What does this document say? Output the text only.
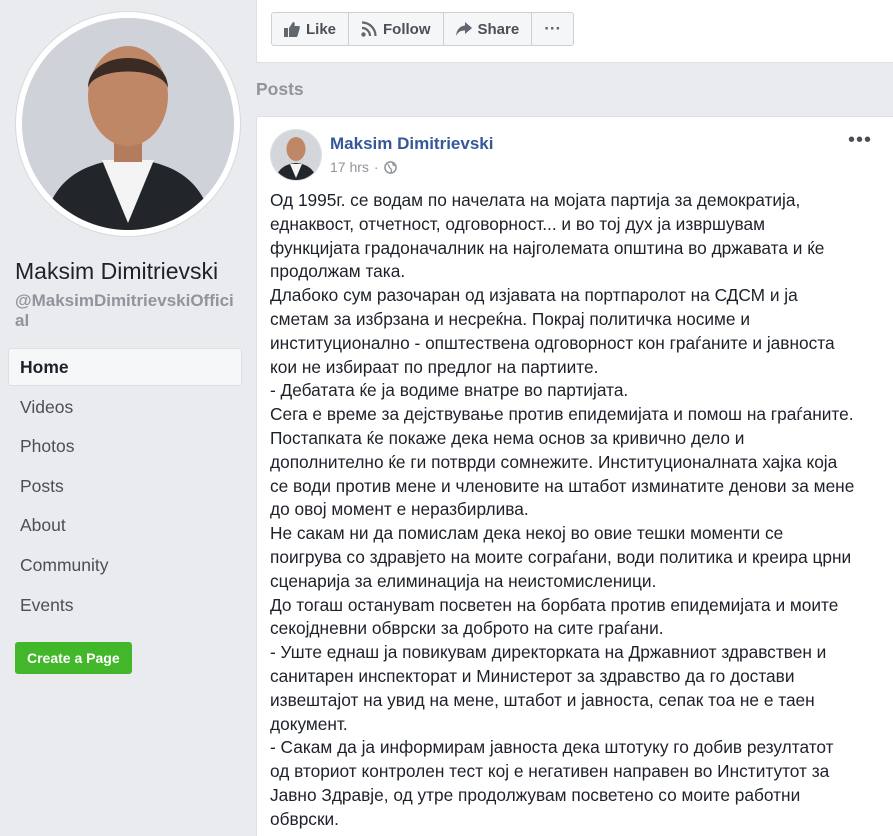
Maksim Dimitrievski
@MaksimDimitrievskiOfficial
Home
Videos
Photos
Posts
About
Community
Events
Create a Page
Like	Follow	Share ···
Posts
Maksim Dimitrievski
17 hrs ·
•••
Од 1995г. се водам по начелата на мојата партија за демократија,
еднаквост, отчетност, одговорност... и во тој дух ја извршувам
функцијата градоначалник на најголемата општина во државата и ќе
продолжам така.
Длабоко сум разочаран од изјавата на портпаролот на СДСМ и ја
сметам за избрзана и несреќна. Покрај политичка носиме и
институционално - општествена одговорност кон граѓаните и јавноста
кои не избираат по предлог на партиите.
- Дебатата ќе ја водиме внатре во партијата.
Сега е време за дејствување против епидемијата и помош на граѓаните.
Постапката ќе покаже дека нема основ за кривично дело и
дополнително ќе ги потврди сомнежите. Институционалната хајка која
се води против мене и членовите на штабот изминатите денови за мене
до овој момент е неразбирлива.
Не сакам ни да помислам дека некој во овие тешки моменти се
поигрува со здравјето на моите сограѓани, води политика и креира црни
сценарија за елиминација на неистомисленици.
До тогаш остануваm посветен на борбата против епидемијата и моите
секојдневни обврски за доброто на сите граѓани.
- Уште еднаш ја повикувам директорката на Државниот здравствен и
санитарен инспекторат и Министерот за здравство да го достави
извештајот на увид на мене, штабот и јавноста, сепак тоа не е таен
документ.
- Сакам да ја информирам јавноста дека штотуку го добив резултатот
од вториот контролен тест кој е негативен направен во Институтот за
Јавно Здравје, од утре продолжувам посветено со моите работни
обврски.
